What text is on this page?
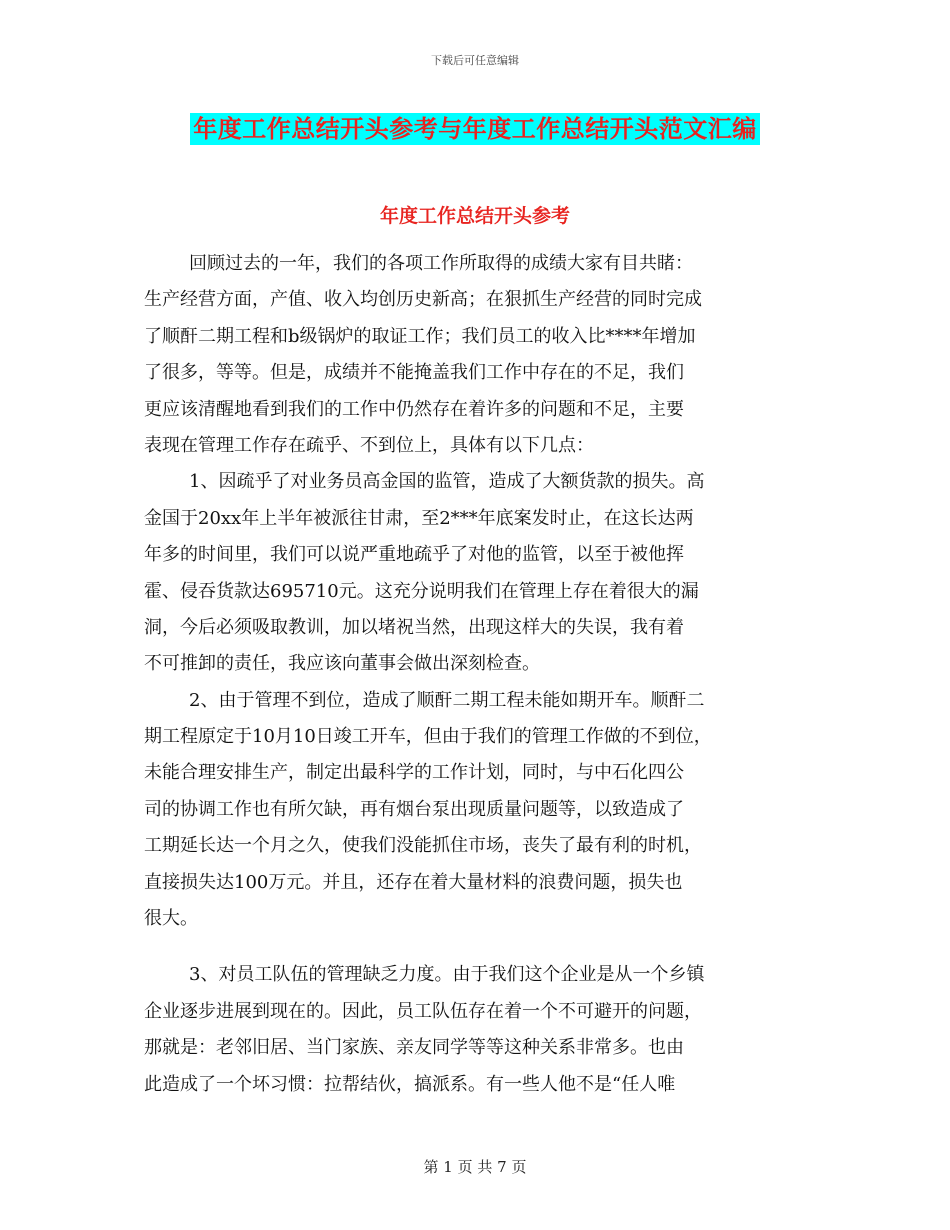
下载后可任意编辑
年度工作总结开头参考与年度工作总结开头范文汇编
年度工作总结开头参考
回顾过去的一年，我们的各项工作所取得的成绩大家有目共睹：
生产经营方面，产值、收入均创历史新高；在狠抓生产经营的同时完成
了顺酐二期工程和b级锅炉的取证工作；我们员工的收入比****年增加
了很多，等等。但是，成绩并不能掩盖我们工作中存在的不足，我们
更应该清醒地看到我们的工作中仍然存在着许多的问题和不足，主要
表现在管理工作存在疏乎、不到位上，具体有以下几点：
1、因疏乎了对业务员高金国的监管，造成了大额货款的损失。高
金国于20xx年上半年被派往甘肃，至2***年底案发时止，在这长达两
年多的时间里，我们可以说严重地疏乎了对他的监管，以至于被他挥
霍、侵吞货款达695710元。这充分说明我们在管理上存在着很大的漏
洞，今后必须吸取教训，加以堵祝当然，出现这样大的失误，我有着
不可推卸的责任，我应该向董事会做出深刻检查。
2、由于管理不到位，造成了顺酐二期工程未能如期开车。顺酐二
期工程原定于10月10日竣工开车，但由于我们的管理工作做的不到位，
未能合理安排生产，制定出最科学的工作计划，同时，与中石化四公
司的协调工作也有所欠缺，再有烟台泵出现质量问题等，以致造成了
工期延长达一个月之久，使我们没能抓住市场，丧失了最有利的时机，
直接损失达100万元。并且，还存在着大量材料的浪费问题，损失也
很大。
3、对员工队伍的管理缺乏力度。由于我们这个企业是从一个乡镇
企业逐步进展到现在的。因此，员工队伍存在着一个不可避开的问题，
那就是：老邻旧居、当门家族、亲友同学等等这种关系非常多。也由
此造成了一个坏习惯：拉帮结伙，搞派系。有一些人他不是“任人唯
第 1 页 共 7 页
